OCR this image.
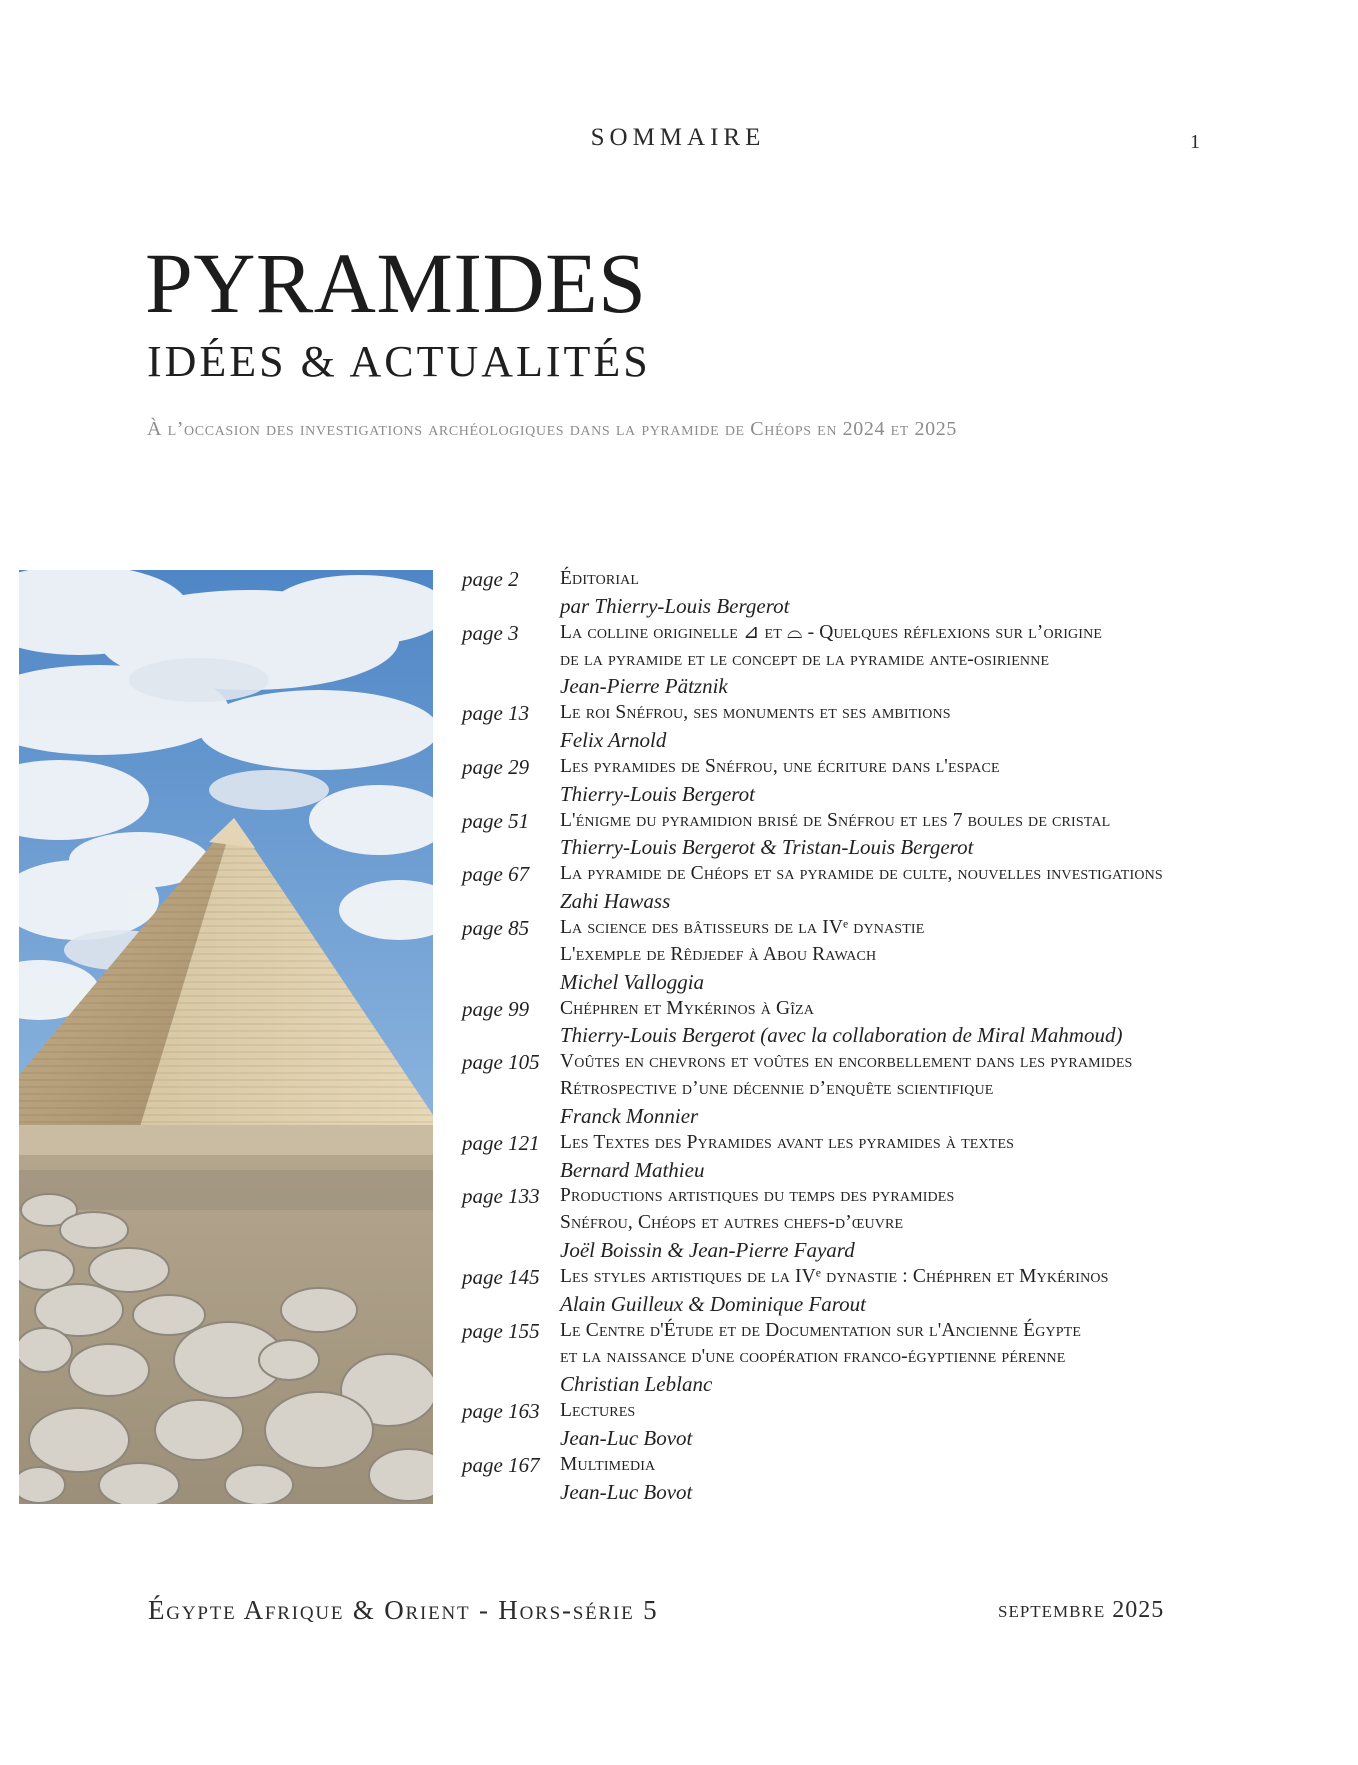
SOMMAIRE	1
PYRAMIDES
IDÉES & ACTUALITÉS
À l’occasion des investigations archéologiques dans la pyramide de Chéops en 2024 et 2025
page 2	Éditorial
par Thierry-Louis Bergerot
page 3	La colline originelle ⊿ et ⌓ - Quelques réflexions sur l’origine
de la pyramide et le concept de la pyramide ante-osirienne
Jean-Pierre Pätznik
page 13	Le roi Snéfrou, ses monuments et ses ambitions
Felix Arnold
page 29	Les pyramides de Snéfrou, une écriture dans l'espace
Thierry-Louis Bergerot
page 51	L'énigme du pyramidion brisé de Snéfrou et les 7 boules de cristal
Thierry-Louis Bergerot & Tristan-Louis Bergerot
page 67	La pyramide de Chéops et sa pyramide de culte, nouvelles investigations
Zahi Hawass
page 85	La science des bâtisseurs de la IVᵉ dynastie
L'exemple de Rêdjedef à Abou Rawach
Michel Valloggia
page 99	Chéphren et Mykérinos à Gîza
Thierry-Louis Bergerot (avec la collaboration de Miral Mahmoud)
page 105	Voûtes en chevrons et voûtes en encorbellement dans les pyramides
Rétrospective d’une décennie d’enquête scientifique
Franck Monnier
page 121	Les Textes des Pyramides avant les pyramides à textes
Bernard Mathieu
page 133	Productions artistiques du temps des pyramides
Snéfrou, Chéops et autres chefs-d’œuvre
Joël Boissin & Jean-Pierre Fayard
page 145	Les styles artistiques de la IVᵉ dynastie : Chéphren et Mykérinos
Alain Guilleux & Dominique Farout
page 155	Le Centre d'Étude et de Documentation sur l'Ancienne Égypte
et la naissance d'une coopération franco-égyptienne pérenne
Christian Leblanc
page 163	Lectures
Jean-Luc Bovot
page 167	Multimedia
Jean-Luc Bovot
Égypte Afrique & Orient - Hors-série 5	septembre 2025
